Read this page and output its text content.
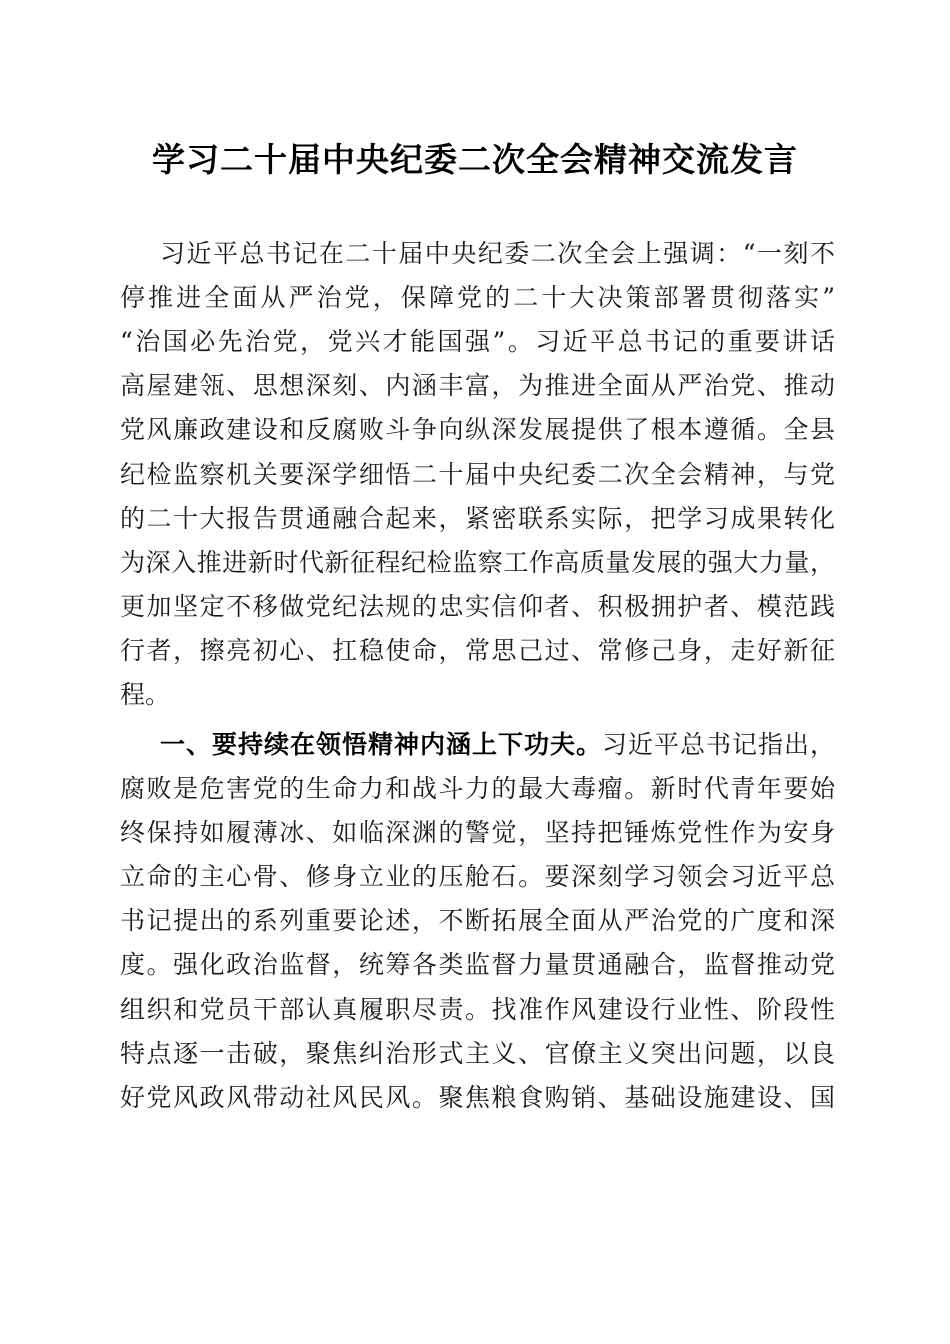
学习二十届中央纪委二次全会精神交流发言
习近平总书记在二十届中央纪委二次全会上强调：“一刻不
停推进全面从严治党，保障党的二十大决策部署贯彻落实”
“治国必先治党，党兴才能国强”。习近平总书记的重要讲话
高屋建瓴、思想深刻、内涵丰富，为推进全面从严治党、推动
党风廉政建设和反腐败斗争向纵深发展提供了根本遵循。全县
纪检监察机关要深学细悟二十届中央纪委二次全会精神，与党
的二十大报告贯通融合起来，紧密联系实际，把学习成果转化
为深入推进新时代新征程纪检监察工作高质量发展的强大力量，
更加坚定不移做党纪法规的忠实信仰者、积极拥护者、模范践
行者，擦亮初心、扛稳使命，常思己过、常修己身，走好新征
程。
一、要持续在领悟精神内涵上下功夫。习近平总书记指出，
腐败是危害党的生命力和战斗力的最大毒瘤。新时代青年要始
终保持如履薄冰、如临深渊的警觉，坚持把锤炼党性作为安身
立命的主心骨、修身立业的压舱石。要深刻学习领会习近平总
书记提出的系列重要论述，不断拓展全面从严治党的广度和深
度。强化政治监督，统筹各类监督力量贯通融合，监督推动党
组织和党员干部认真履职尽责。找准作风建设行业性、阶段性
特点逐一击破，聚焦纠治形式主义、官僚主义突出问题，以良
好党风政风带动社风民风。聚焦粮食购销、基础设施建设、国
